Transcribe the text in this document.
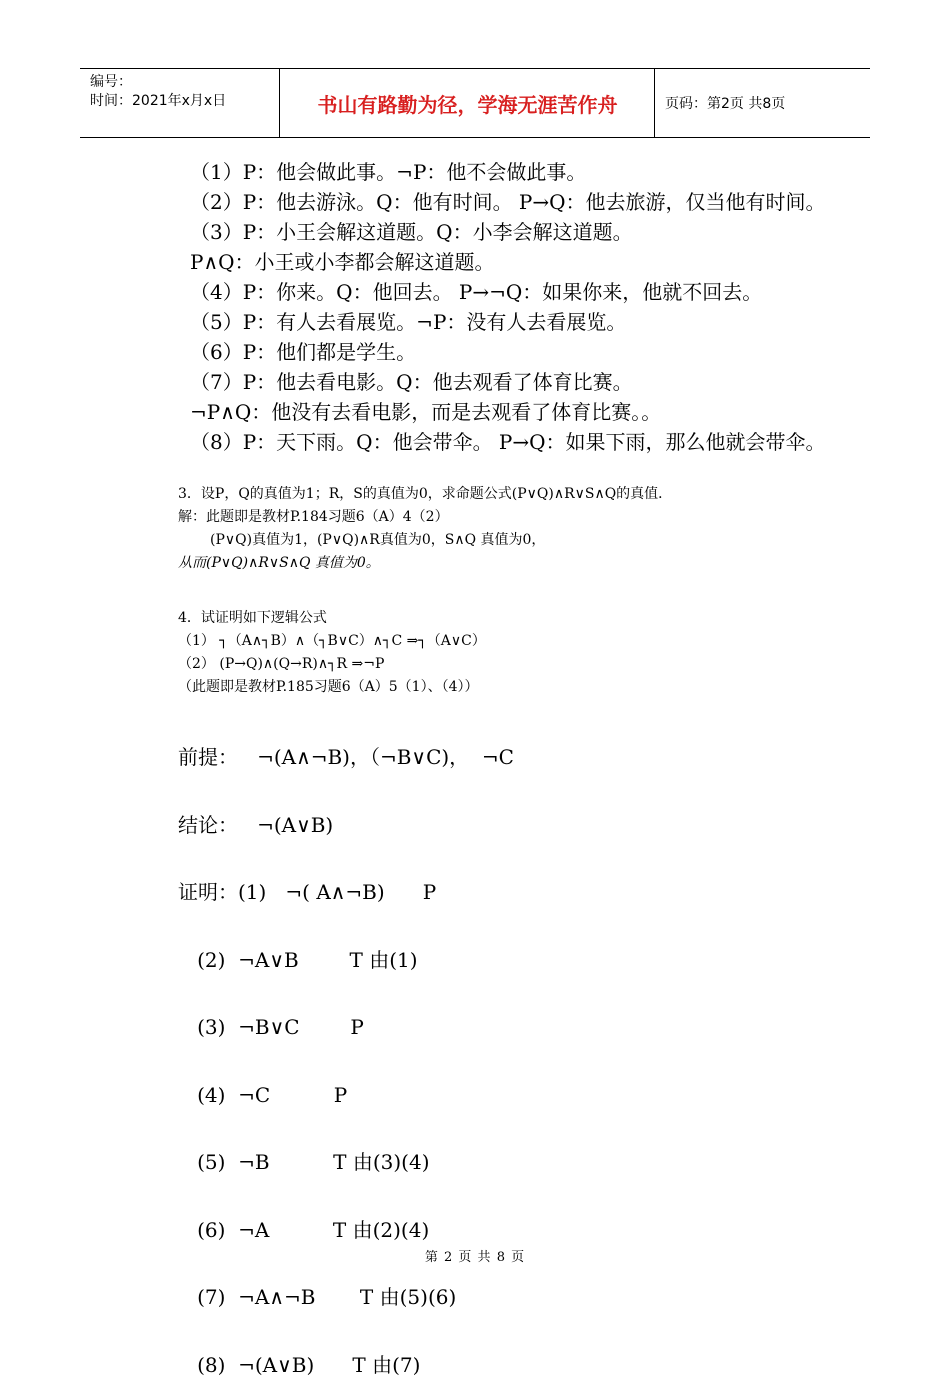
编号：
时间：2021年x月x日	书山有路勤为径，学海无涯苦作舟	页码：第2页 共8页
（1）P：他会做此事。¬P：他不会做此事。
（2）P：他去游泳。Q：他有时间。 P→Q：他去旅游，仅当他有时间。
（3）P：小王会解这道题。Q：小李会解这道题。
P∧Q：小王或小李都会解这道题。
（4）P：你来。Q：他回去。 P→¬Q：如果你来，他就不回去。
（5）P：有人去看展览。¬P：没有人去看展览。
（6）P：他们都是学生。
（7）P：他去看电影。Q：他去观看了体育比赛。
¬P∧Q：他没有去看电影，而是去观看了体育比赛。。
（8）P：天下雨。Q：他会带伞。 P→Q：如果下雨，那么他就会带伞。
3．设P，Q的真值为1；R，S的真值为0，求命题公式(P∨Q)∧R∨S∧Q的真值．
解：此题即是教材P.184习题6（A）4（2）
(P∨Q)真值为1，(P∨Q)∧R真值为0，S∧Q 真值为0，
从而(P∨Q)∧R∨S∧Q 真值为0。
4．试证明如下逻辑公式
（1） ┐（A∧┐B）∧（┐B∨C）∧┐C ⇒┐（A∨C）
（2） (P→Q)∧(Q→R)∧┐R ⇒¬P
（此题即是教材P.185习题6（A）5（1）、（4））

前提：   ¬(A∧¬B)，（¬B∨C)，  ¬C

结论：   ¬(A∨B)

证明：(1)   ¬( A∧¬B)      P

(2)  ¬A∨B        T 由(1)

(3)  ¬B∨C        P

(4)  ¬C          P

(5)  ¬B          T 由(3)(4)

(6)  ¬A          T 由(2)(4)

(7)  ¬A∧¬B       T 由(5)(6)

(8)  ¬(A∨B)      T 由(7)

第 2 页 共 8 页
